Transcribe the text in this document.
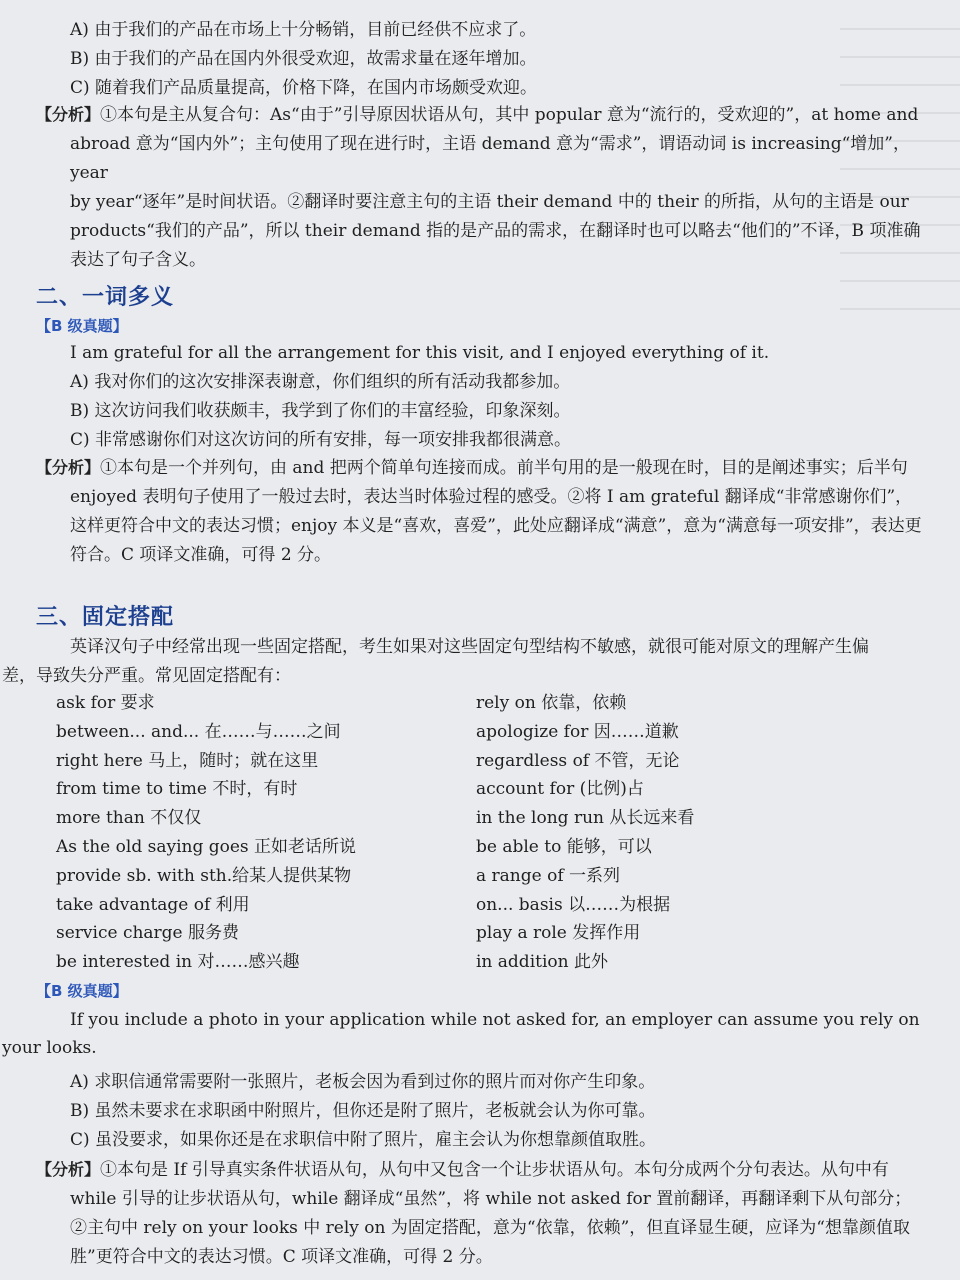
A) 由于我们的产品在市场上十分畅销，目前已经供不应求了。
B) 由于我们的产品在国内外很受欢迎，故需求量在逐年增加。
C) 随着我们产品质量提高，价格下降，在国内市场颇受欢迎。
【分析】①本句是主从复合句：As“由于”引导原因状语从句，其中 popular 意为“流行的，受欢迎的”，at home and
abroad 意为“国内外”；主句使用了现在进行时，主语 demand 意为“需求”，谓语动词 is increasing“增加”，year
by year“逐年”是时间状语。②翻译时要注意主句的主语 their demand 中的 their 的所指，从句的主语是 our
products“我们的产品”，所以 their demand 指的是产品的需求，在翻译时也可以略去“他们的”不译，B 项准确
表达了句子含义。
二、一词多义
【B 级真题】
I am grateful for all the arrangement for this visit, and I enjoyed everything of it.
A) 我对你们的这次安排深表谢意，你们组织的所有活动我都参加。
B) 这次访问我们收获颇丰，我学到了你们的丰富经验，印象深刻。
C) 非常感谢你们对这次访问的所有安排，每一项安排我都很满意。
【分析】①本句是一个并列句，由 and 把两个简单句连接而成。前半句用的是一般现在时，目的是阐述事实；后半句
enjoyed 表明句子使用了一般过去时，表达当时体验过程的感受。②将 I am grateful 翻译成“非常感谢你们”，
这样更符合中文的表达习惯；enjoy 本义是“喜欢，喜爱”，此处应翻译成“满意”，意为“满意每一项安排”，表达更
符合。C 项译文准确，可得 2 分。
三、固定搭配
英译汉句子中经常出现一些固定搭配，考生如果对这些固定句型结构不敏感，就很可能对原文的理解产生偏
差，导致失分严重。常见固定搭配有：
ask for 要求
between... and... 在……与……之间
right here 马上，随时；就在这里
from time to time 不时，有时
more than 不仅仅
As the old saying goes 正如老话所说
provide sb. with sth.给某人提供某物
take advantage of 利用
service charge 服务费
be interested in 对……感兴趣
rely on 依靠，依赖
apologize for 因……道歉
regardless of 不管，无论
account for (比例)占
in the long run 从长远来看
be able to 能够，可以
a range of 一系列
on... basis 以……为根据
play a role 发挥作用
in addition 此外
【B 级真题】
If you include a photo in your application while not asked for, an employer can assume you rely on
your looks.
A) 求职信通常需要附一张照片，老板会因为看到过你的照片而对你产生印象。
B) 虽然未要求在求职函中附照片，但你还是附了照片，老板就会认为你可靠。
C) 虽没要求，如果你还是在求职信中附了照片，雇主会认为你想靠颜值取胜。
【分析】①本句是 If 引导真实条件状语从句，从句中又包含一个让步状语从句。本句分成两个分句表达。从句中有
while 引导的让步状语从句，while 翻译成“虽然”，将 while not asked for 置前翻译，再翻译剩下从句部分；
②主句中 rely on your looks 中 rely on 为固定搭配，意为“依靠，依赖”，但直译显生硬，应译为“想靠颜值取
胜”更符合中文的表达习惯。C 项译文准确，可得 2 分。
